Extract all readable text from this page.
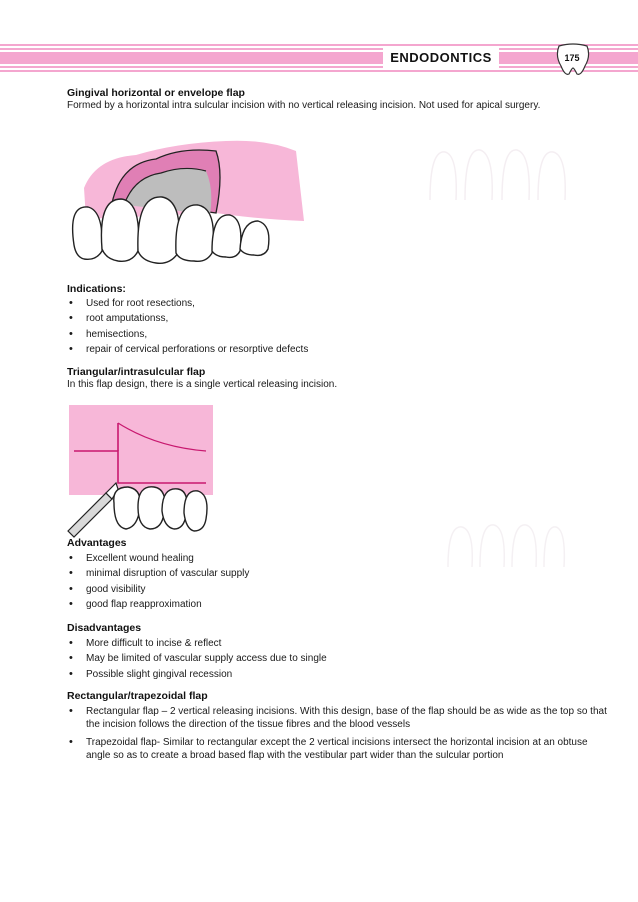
ENDODONTICS	175
Gingival horizontal or envelope flap
Formed by a horizontal intra sulcular incision with no vertical releasing incision. Not used for apical surgery.
Indications:
• Used for root resections,
• root amputationss,
• hemisections,
• repair of cervical perforations or resorptive defects
Triangular/intrasulcular flap
In this flap design, there is a single vertical releasing incision.
Advantages
• Excellent wound healing
• minimal disruption of vascular supply
• good visibility
• good flap reapproximation
Disadvantages
• More difficult to incise & reflect
• May be limited of vascular supply access due to single
• Possible slight gingival recession
Rectangular/trapezoidal flap
• Rectangular flap – 2 vertical releasing incisions. With this design, base of the flap should be as wide as the top so that the incision follows the direction of the tissue fibres and the blood vessels
• Trapezoidal flap- Similar to rectangular except the 2 vertical incisions intersect the horizontal incision at an obtuse angle so as to create a broad based flap with the vestibular part wider than the sulcular portion
